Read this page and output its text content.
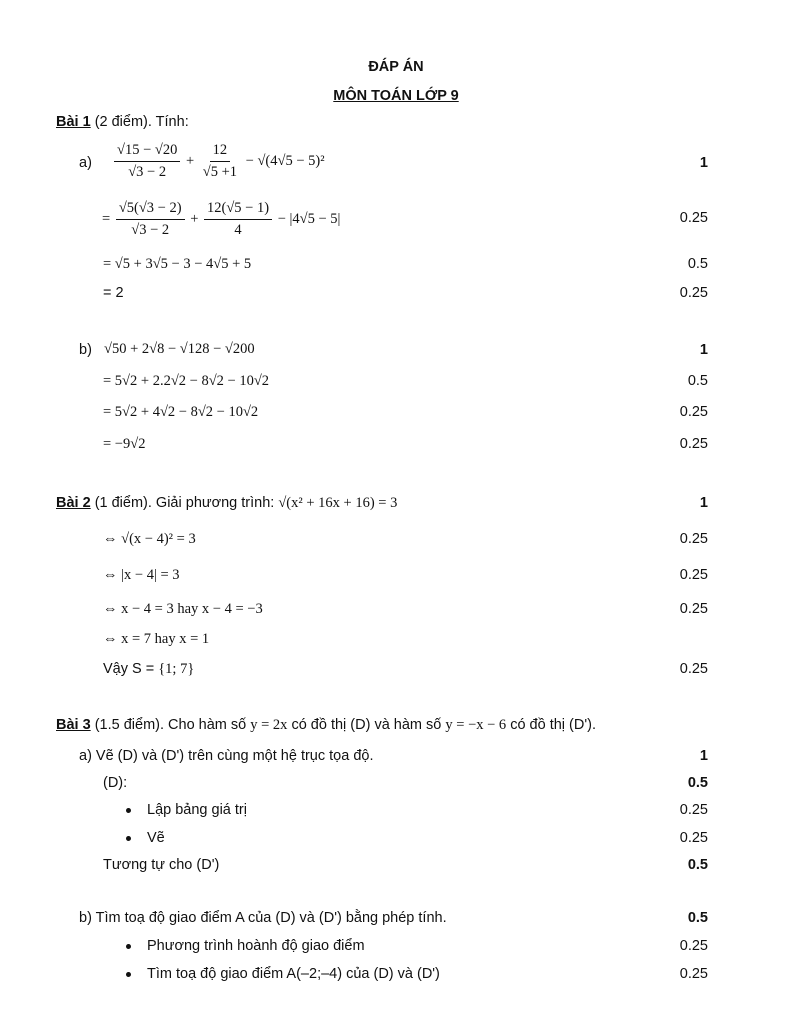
ĐÁP ÁN
MÔN TOÁN LỚP 9
Bài 1 (2 điểm). Tính:
$a) \frac{√15 - √20}{√3 - 2} + \frac{12}{√5 +1} - √(4√5 - 5)^2$	1
= $\frac{√5(√3 - 2)}{√3 - 2} + \frac{12(√5 - 1)}{4} - |4√5 - 5|$	0.25
= √5 + 3√5 − 3 − 4√5 + 5	0.5
= 2	0.25
b) √50 + 2√8 − √128 − √200	1
= 5√2 + 2.2√2 − 8√2 − 10√2	0.5
= 5√2 + 4√2 − 8√2 − 10√2	0.25
= −9√2	0.25
Bài 2 (1 điểm). Giải phương trình: √(x² + 16x + 16) = 3	1
⇔ √(x − 4)² = 3	0.25
⇔ |x − 4| = 3	0.25
⇔ x − 4 = 3 hay x − 4 = −3	0.25
⇔ x = 7 hay x = 1
Vậy S = {1; 7}	0.25
Bài 3 (1.5 điểm). Cho hàm số y = 2x có đồ thị (D) và hàm số y = −x − 6 có đồ thị (D').
a) Vẽ (D) và (D') trên cùng một hệ trục tọa độ.	1
(D):	0.5
Lập bảng giá trị	0.25
Vẽ	0.25
Tương tự cho (D')	0.5
b) Tìm toạ độ giao điểm A của (D) và (D') bằng phép tính.	0.5
Phương trình hoành độ giao điểm	0.25
Tìm toạ độ giao điểm A(–2;–4) của (D) và (D')	0.25
